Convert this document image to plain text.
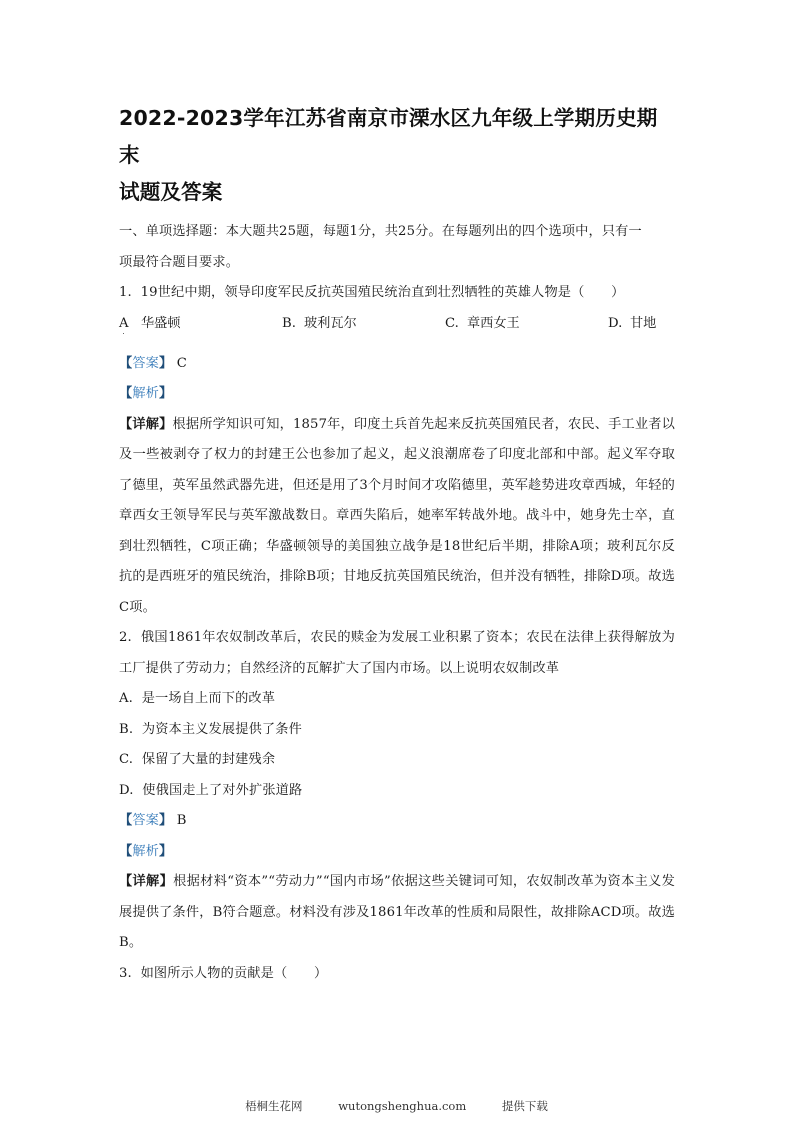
2022-2023学年江苏省南京市溧水区九年级上学期历史期末
试题及答案

一、单项选择题：本大题共25题，每题1分，共25分。在每题列出的四个选项中，只有一
项最符合题目要求。

1. 19世纪中期，领导印度军民反抗英国殖民统治直到壮烈牺牲的英雄人物是（　　）

A 华盛顿	B. 玻利瓦尔	C. 章西女王	D. 甘地

【答案】 C

【解析】

【详解】根据所学知识可知，1857年，印度土兵首先起来反抗英国殖民者，农民、手工业者以及一些被剥夺了权力的封建王公也参加了起义，起义浪潮席卷了印度北部和中部。起义军夺取了德里，英军虽然武器先进，但还是用了3个月时间才攻陷德里，英军趁势进攻章西城，年轻的章西女王领导军民与英军激战数日。章西失陷后，她率军转战外地。战斗中，她身先士卒，直到壮烈牺牲，C项正确；华盛顿领导的美国独立战争是18世纪后半期，排除A项；玻利瓦尔反抗的是西班牙的殖民统治，排除B项；甘地反抗英国殖民统治，但并没有牺牲，排除D项。故选C项。

2. 俄国1861年农奴制改革后，农民的赎金为发展工业积累了资本；农民在法律上获得解放为工厂提供了劳动力；自然经济的瓦解扩大了国内市场。以上说明农奴制改革

A. 是一场自上而下的改革

B. 为资本主义发展提供了条件

C. 保留了大量的封建残余

D. 使俄国走上了对外扩张道路

【答案】 B

【解析】

【详解】根据材料“资本”“劳动力”“国内市场”依据这些关键词可知，农奴制改革为资本主义发展提供了条件，B符合题意。材料没有涉及1861年改革的性质和局限性，故排除ACD项。故选B。

3. 如图所示人物的贡献是（　　）

梧桐生花网	wutongshenghua.com	提供下载
